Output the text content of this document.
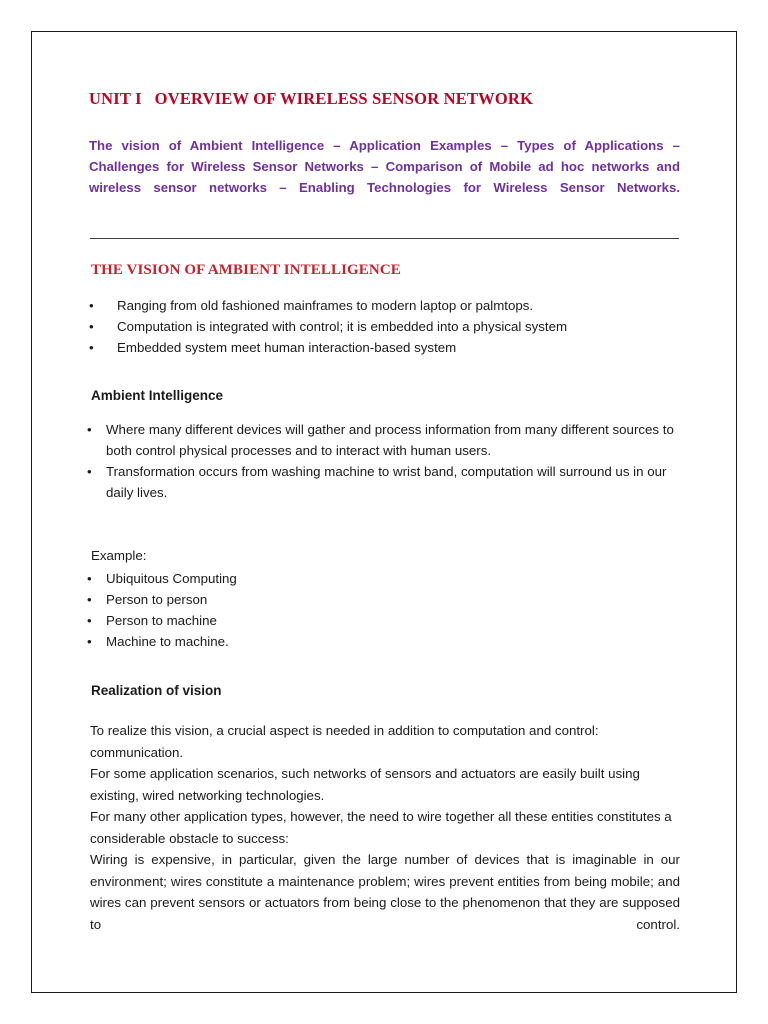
UNIT I   OVERVIEW OF WIRELESS SENSOR NETWORK

The vision of Ambient Intelligence – Application Examples – Types of Applications – Challenges for Wireless Sensor Networks – Comparison of Mobile ad hoc networks and wireless sensor networks – Enabling Technologies for Wireless Sensor Networks.

THE VISION OF AMBIENT INTELLIGENCE
• Ranging from old fashioned mainframes to modern laptop or palmtops.
• Computation is integrated with control; it is embedded into a physical system
• Embedded system meet human interaction-based system
Ambient Intelligence
• Where many different devices will gather and process information from many different sources to both control physical processes and to interact with human users.
• Transformation occurs from washing machine to wrist band, computation will surround us in our daily lives.
Example:
• Ubiquitous Computing
• Person to person
• Person to machine
• Machine to machine.
Realization of vision

To realize this vision, a crucial aspect is needed in addition to computation and control: communication.

For some application scenarios, such networks of sensors and actuators are easily built using existing, wired networking technologies.

For many other application types, however, the need to wire together all these entities constitutes a considerable obstacle to success:

Wiring is expensive, in particular, given the large number of devices that is imaginable in our environment; wires constitute a maintenance problem; wires prevent entities from being mobile; and wires can prevent sensors or actuators from being close to the phenomenon that they are supposed to control.
